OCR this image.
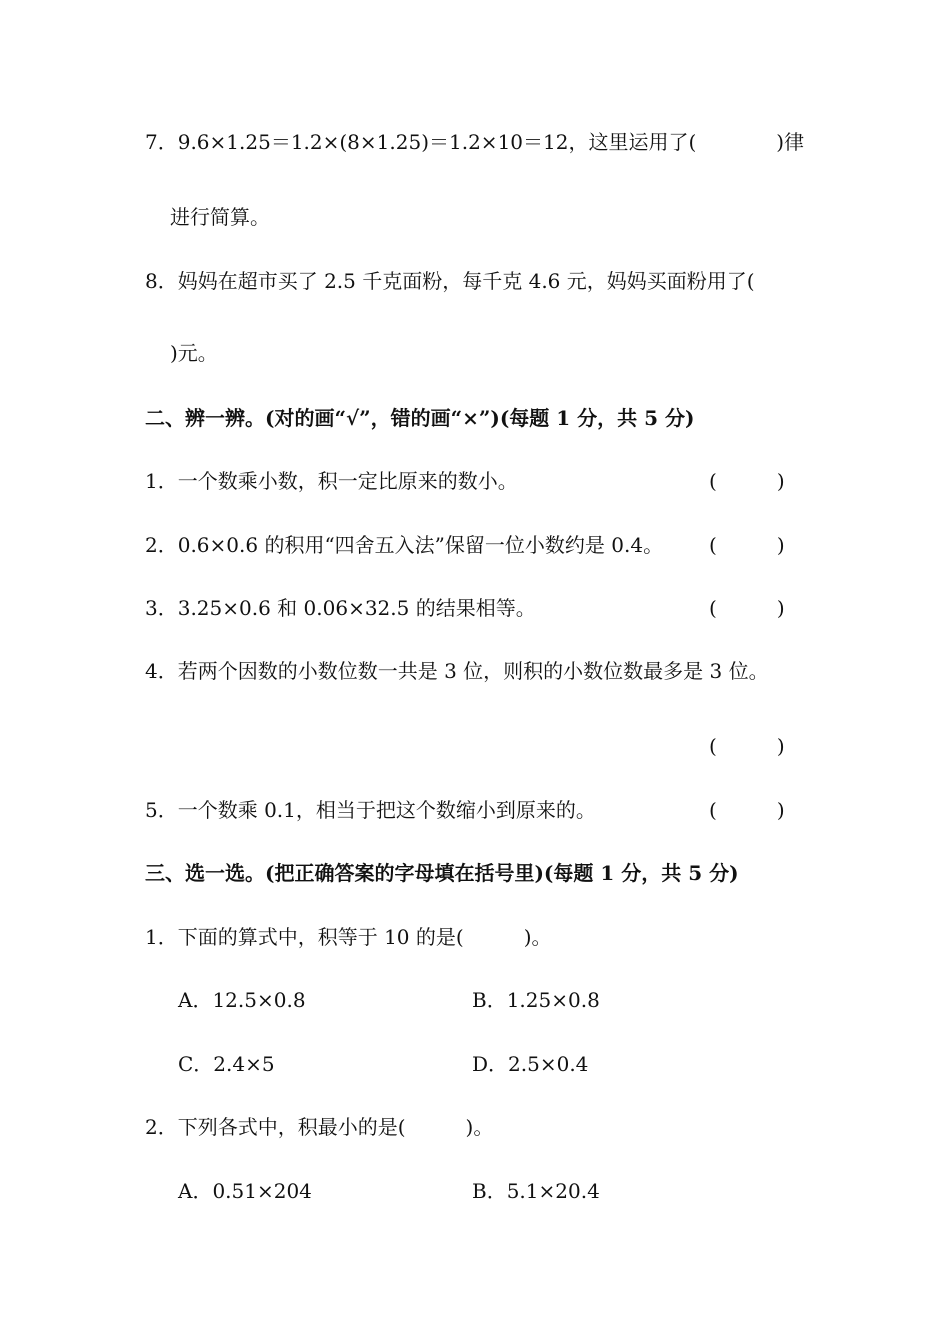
7．9.6×1.25＝1.2×(8×1.25)＝1.2×10＝12，这里运用了(　　　　)律
进行简算。
8．妈妈在超市买了 2.5 千克面粉，每千克 4.6 元，妈妈买面粉用了(
)元。
二、辨一辨。(对的画“√”，错的画“×”)(每题 1 分，共 5 分)
1．一个数乘小数，积一定比原来的数小。	(	)
2．0.6×0.6 的积用“四舍五入法”保留一位小数约是 0.4。 (	)
3．3.25×0.6 和 0.06×32.5 的结果相等。	(	)
4．若两个因数的小数位数一共是 3 位，则积的小数位数最多是 3 位。
(	)
5．一个数乘 0.1，相当于把这个数缩小到原来的。	(	)
三、选一选。(把正确答案的字母填在括号里)(每题 1 分，共 5 分)
1．下面的算式中，积等于 10 的是(　　　)。
A．12.5×0.8	B．1.25×0.8
C．2.4×5	D．2.5×0.4
2．下列各式中，积最小的是(　　　)。
A．0.51×204	B．5.1×20.4
